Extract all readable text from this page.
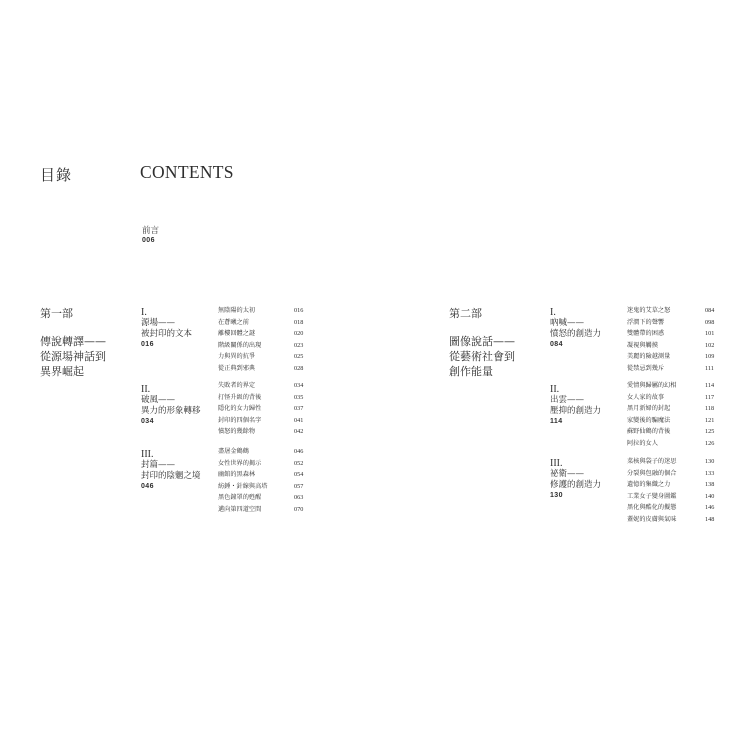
目錄	CONTENTS
前言
006
第一部
傳說轉譯——
從源場神話到
異界崛起
I.
源場——
被封印的文本
016
無陰陽的太初	016
在蒼曦之前	018
離樓回體之謎	020
階級關係的出現	023
力與異的抗爭	025
從正典到邪典	028
II.
破風——
異力的形象轉移
034
失敗者的界定	034
打怪升級的背後	035
隱化的女力歸性	037
封印的四個名字	041
憤怒的幾餘物	042
III.
封篇——
封印的陰魍之境
046
盡屠金鶴鶴	046
女性世界的揭示	052
幽館的黑森林	054
紡錘・針線與高塔	057
黑色鐘罩的甦醒	063
邁向第四道空間	070
第二部
圖像說話——
從藝術社會到
創作能量
I.
吶喊——
憤怒的創造力
084
迷鬼的艾草之怒	084
浮潤下的聲響	098
雙體帶的困惑	101
凝視與觸摸	102
美麗的險越測量	109
從禁忌到幾斥	111
II.
出雲——
壓抑的創造力
114
愛情與歸屬的幻相	114
女人家的故事	117
黑月新婦的封起	118
家變後的騙魔法	121
蘇野仙鶴的背後	125
阿拉的女人	126
III.
祕衛——
修護的創造力
130
菜核與袋子的迷思	130
分裂與包融的個合	133
遺憶的集織之力	138
工業女子變身圖鑑	140
黑化與酷化的擬態	146
蓋妮的皮膚與氣味	148
